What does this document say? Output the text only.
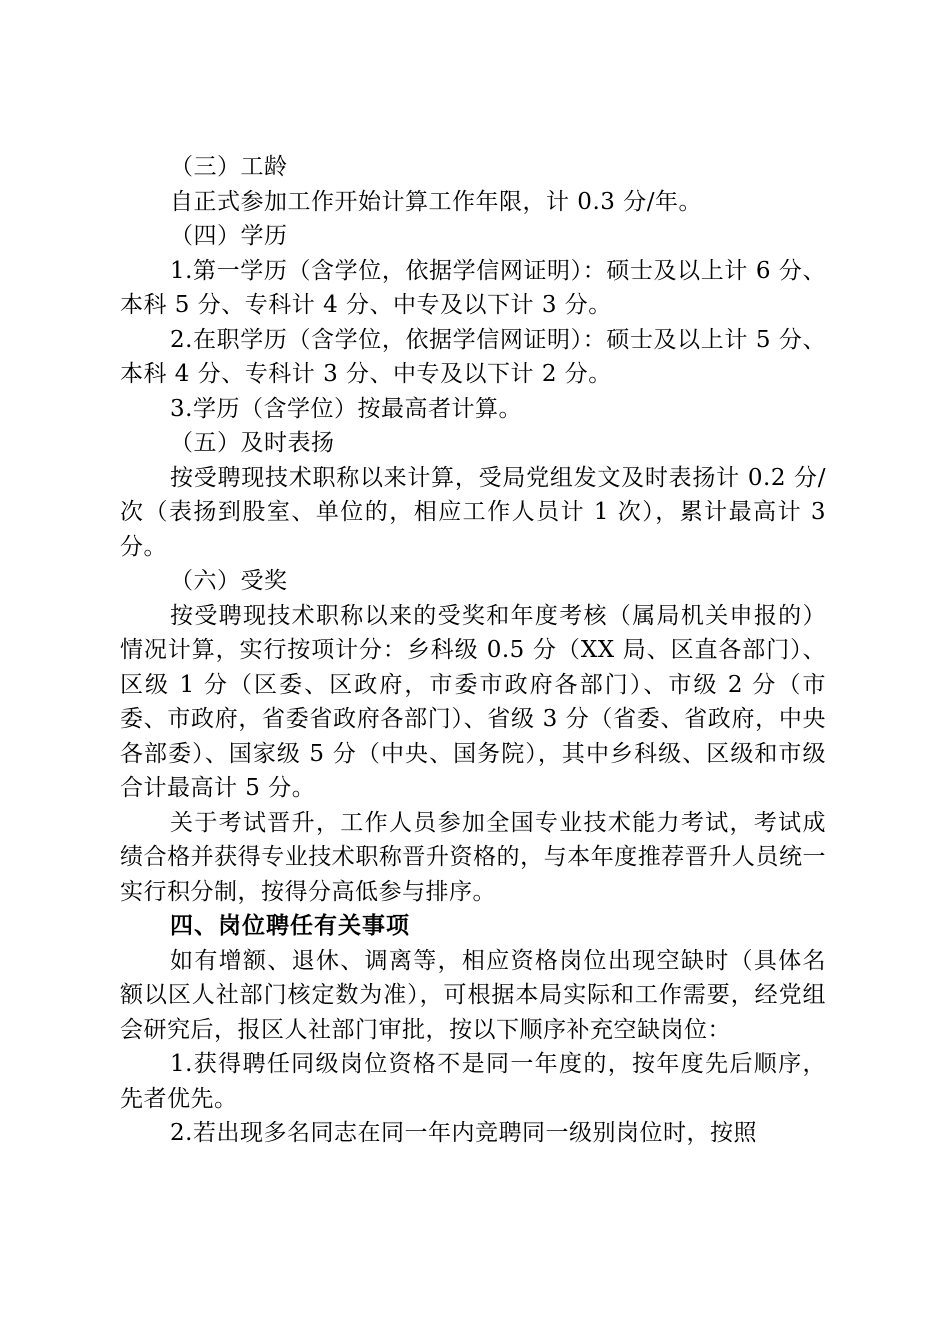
（三）工龄

自正式参加工作开始计算工作年限，计 0.3 分/年。

（四）学历

1.第一学历（含学位，依据学信网证明）：硕士及以上计 6 分、本科 5 分、专科计 4 分、中专及以下计 3 分。

2.在职学历（含学位，依据学信网证明）：硕士及以上计 5 分、本科 4 分、专科计 3 分、中专及以下计 2 分。

3.学历（含学位）按最高者计算。

（五）及时表扬

按受聘现技术职称以来计算，受局党组发文及时表扬计 0.2 分/次（表扬到股室、单位的，相应工作人员计 1 次），累计最高计 3 分。

（六）受奖

按受聘现技术职称以来的受奖和年度考核（属局机关申报的）情况计算，实行按项计分：乡科级 0.5 分（XX 局、区直各部门）、区级 1 分（区委、区政府，市委市政府各部门）、市级 2 分（市委、市政府，省委省政府各部门）、省级 3 分（省委、省政府，中央各部委）、国家级 5 分（中央、国务院），其中乡科级、区级和市级合计最高计 5 分。

关于考试晋升，工作人员参加全国专业技术能力考试，考试成绩合格并获得专业技术职称晋升资格的，与本年度推荐晋升人员统一实行积分制，按得分高低参与排序。

四、岗位聘任有关事项

如有增额、退休、调离等，相应资格岗位出现空缺时（具体名额以区人社部门核定数为准），可根据本局实际和工作需要，经党组会研究后，报区人社部门审批，按以下顺序补充空缺岗位：

1.获得聘任同级岗位资格不是同一年度的，按年度先后顺序，先者优先。

2.若出现多名同志在同一年内竞聘同一级别岗位时，按照
